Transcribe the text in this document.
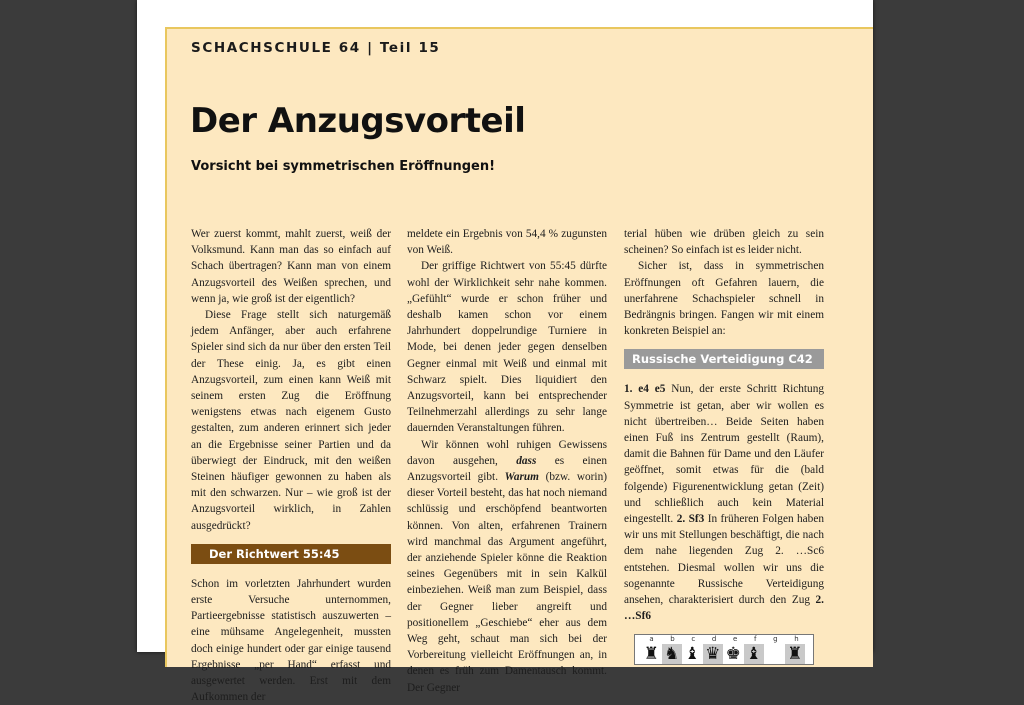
SCHACHSCHULE 64 | Teil 15
Der Anzugsvorteil
Vorsicht bei symmetrischen Eröffnungen!

Wer zuerst kommt, mahlt zuerst, weiß der Volksmund. Kann man das so einfach auf Schach übertragen? Kann man von einem Anzugsvorteil des Weißen sprechen, und wenn ja, wie groß ist der eigentlich?

Diese Frage stellt sich naturgemäß jedem Anfänger, aber auch erfahrene Spieler sind sich da nur über den ersten Teil der These einig. Ja, es gibt einen Anzugsvorteil, zum einen kann Weiß mit seinem ersten Zug die Eröffnung wenigstens etwas nach eigenem Gusto gestalten, zum anderen erinnert sich jeder an die Ergebnisse seiner Partien und da überwiegt der Eindruck, mit den weißen Steinen häufiger gewonnen zu haben als mit den schwarzen. Nur – wie groß ist der Anzugsvorteil wirklich, in Zahlen ausgedrückt?

Der Richtwert 55:45

Schon im vorletzten Jahrhundert wurden erste Versuche unternommen, Partieergebnisse statistisch auszuwerten – eine mühsame Angelegenheit, mussten doch einige hundert oder gar einige tausend Ergebnisse „per Hand“ erfasst und ausgewertet werden. Erst mit dem Aufkommen der

meldete ein Ergebnis von 54,4 % zugunsten von Weiß.

Der griffige Richtwert von 55:45 dürfte wohl der Wirklichkeit sehr nahe kommen. „Gefühlt“ wurde er schon früher und deshalb kamen schon vor einem Jahrhundert doppelrundige Turniere in Mode, bei denen jeder gegen denselben Gegner einmal mit Weiß und einmal mit Schwarz spielt. Dies liquidiert den Anzugsvorteil, kann bei entsprechender Teilnehmerzahl allerdings zu sehr lange dauernden Veranstaltungen führen.

Wir können wohl ruhigen Gewissens davon ausgehen, dass es einen Anzugsvorteil gibt. Warum (bzw. worin) dieser Vorteil besteht, das hat noch niemand schlüssig und erschöpfend beantworten können. Von alten, erfahrenen Trainern wird manchmal das Argument angeführt, der anziehende Spieler könne die Reaktion seines Gegenübers mit in sein Kalkül einbeziehen. Weiß man zum Beispiel, dass der Gegner lieber angreift und positionellem „Geschiebe“ eher aus dem Weg geht, schaut man sich bei der Vorbereitung vielleicht Eröffnungen an, in denen es früh zum Damentausch kommt. Der Gegner

terial hüben wie drüben gleich zu sein scheinen? So einfach ist es leider nicht.

Sicher ist, dass in symmetrischen Eröffnungen oft Gefahren lauern, die unerfahrene Schachspieler schnell in Bedrängnis bringen. Fangen wir mit einem konkreten Beispiel an:

Russische Verteidigung C42

1. e4 e5 Nun, der erste Schritt Richtung Symmetrie ist getan, aber wir wollen es nicht übertreiben… Beide Seiten haben einen Fuß ins Zentrum gestellt (Raum), damit die Bahnen für Dame und den Läufer geöffnet, somit etwas für die (bald folgende) Figurenentwicklung getan (Zeit) und schließlich auch kein Material eingestellt. 2. Sf3 In früheren Folgen haben wir uns mit Stellungen beschäftigt, die nach dem nahe liegenden Zug 2. …Sc6 entstehen. Diesmal wollen wir uns die sogenannte Russische Verteidigung ansehen, charakterisiert durch den Zug 2. …Sf6

a b c d e f g h
♜ ♞ ♝ ♛ ♚ ♝ ♜
